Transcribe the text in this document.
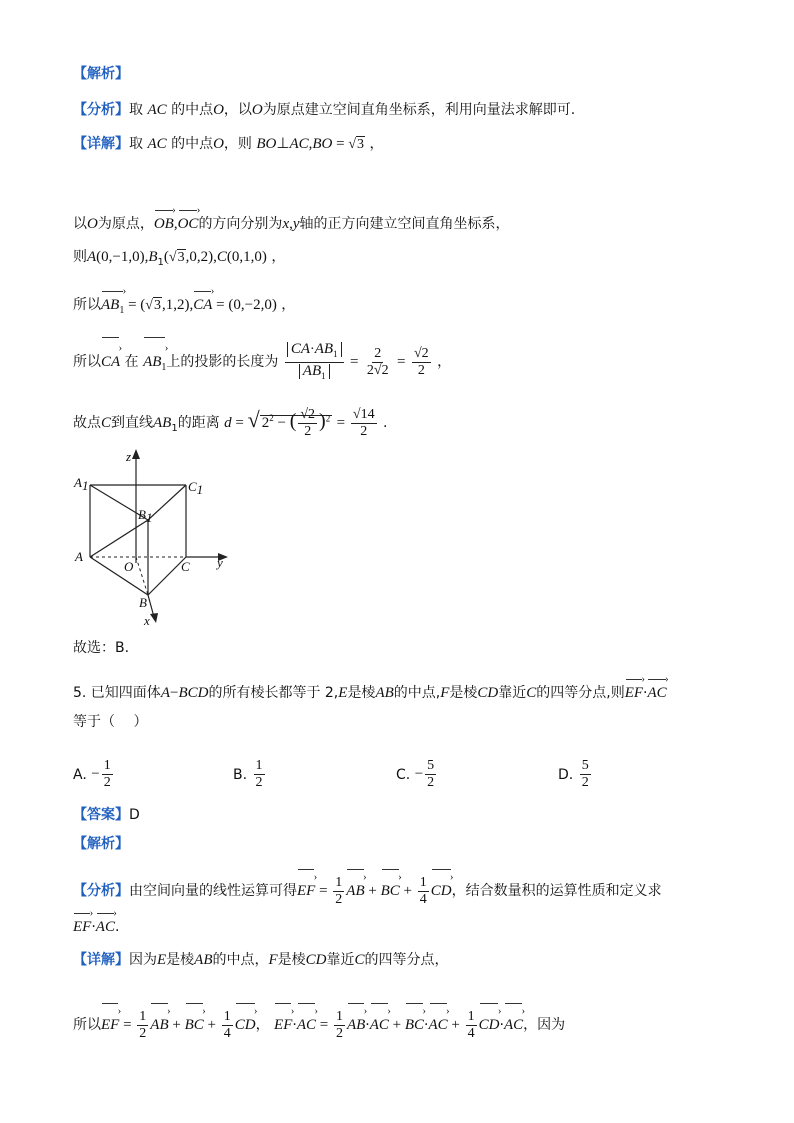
【解析】
【分析】取 AC 的中点O，以O为原点建立空间直角坐标系，利用向量法求解即可.
【详解】取 AC 的中点O，则 BO⊥AC,BO = √3 ，
以O为原点，OB ›,OC ›的方向分别为x,y轴的正方向建立空间直角坐标系，
则$A(0,-1,0),B_1(√3,0,2),C(0,1,0)$ ，
所以$AB_1$ › = (√3,1,2),CA › = (0,−2,0) ，
所以CA › 在 $AB_1$ ›上的投影的长度为 $\frac{CA\cdot AB_1}{AB_1} = \frac{2}{2√2} = \frac{√2}{2}$ ，
故点C到直线$AB_1$的距离 d = √ $2^2$ − ( $\frac{√2}{2} )^2 = \frac{√14}{2}$ .
A1	C1
B1
A
O	C
B
x
y
z
故选：B.
5. 已知四面体A−BCD的所有棱长都等于 2,E是棱AB的中点,F是棱CD靠近C的四等分点,则EF ›·AC ›
等于（　 ）
A.
− $\frac{1}{2}$	B.
$\frac{1}{2}$	C.
− $\frac{5}{2}$	D.
$\frac{5}{2}$
【答案】D
【解析】
【分析】由空间向量的线性运算可得EF › = $\frac{1}{2}$ AB › + BC › + $\frac{1}{4}$ CD ›，结合数量积的运算性质和定义求
EF ›·AC ›.
【详解】因为E是棱AB的中点，F是棱CD靠近C的四等分点，
所以EF › = $\frac{1}{2}$ AB › + BC › + $\frac{1}{4}$ CD ›， EF ›·AC › = $\frac{1}{2}$ AB ›·AC › + BC ›·AC › + $\frac{1}{4}$ CD ›·AC ›，因为
